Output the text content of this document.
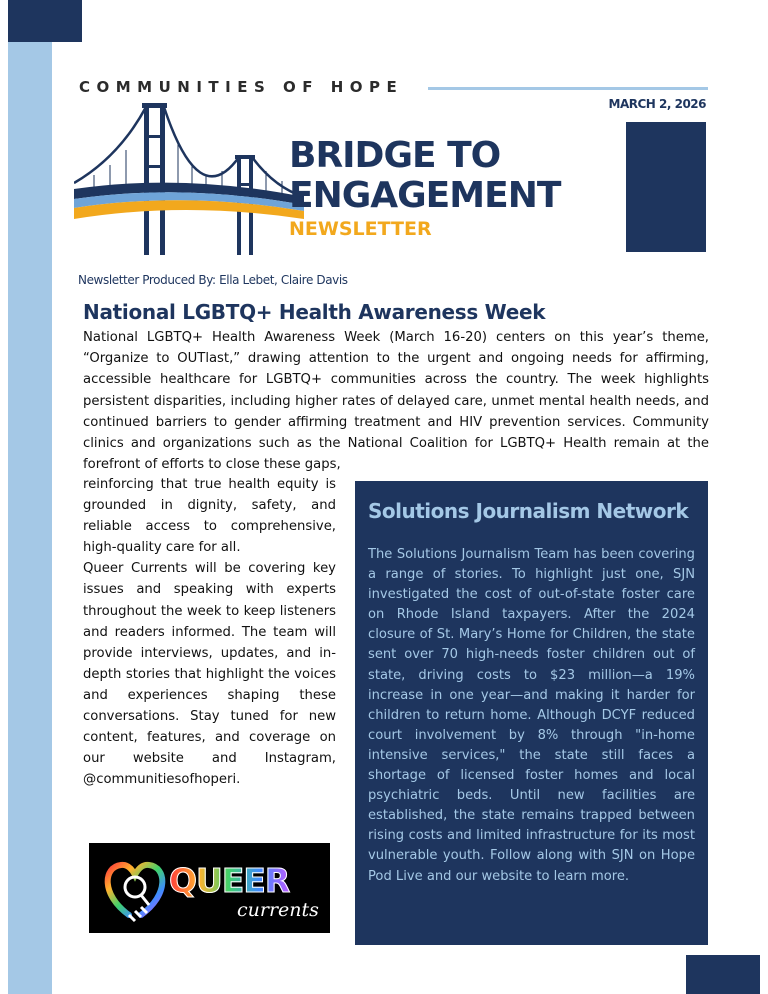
COMMUNITIES OF HOPE
MARCH 2, 2026
BRIDGE TO
ENGAGEMENT
NEWSLETTER
Newsletter Produced By: Ella Lebet, Claire Davis
National LGBTQ+ Health Awareness Week

National LGBTQ+ Health Awareness Week (March 16-20) centers on this year’s theme, “Organize to OUTlast,” drawing attention to the urgent and ongoing needs for affirming, accessible healthcare for LGBTQ+ communities across the country. The week highlights persistent disparities, including higher rates of delayed care, unmet mental health needs, and continued barriers to gender affirming treatment and HIV prevention services. Community clinics and organizations such as the National Coalition for LGBTQ+ Health remain at the forefront of efforts to close these gaps,

reinforcing that true health equity is grounded in dignity, safety, and reliable access to comprehensive, high-quality care for all.

Queer Currents will be covering key issues and speaking with experts throughout the week to keep listeners and readers informed. The team will provide interviews, updates, and in-depth stories that highlight the voices and experiences shaping these conversations. Stay tuned for new content, features, and coverage on our website and Instagram, @communitiesofhoperi.

QUEER
currents
Solutions Journalism Network

The Solutions Journalism Team has been covering a range of stories. To highlight just one, SJN investigated the cost of out-of-state foster care on Rhode Island taxpayers. After the 2024 closure of St. Mary’s Home for Children, the state sent over 70 high-needs foster children out of state, driving costs to $23 million—a 19% increase in one year—and making it harder for children to return home. Although DCYF reduced court involvement by 8% through "in-home intensive services," the state still faces a shortage of licensed foster homes and local psychiatric beds. Until new facilities are established, the state remains trapped between rising costs and limited infrastructure for its most vulnerable youth. Follow along with SJN on Hope Pod Live and our website to learn more.
